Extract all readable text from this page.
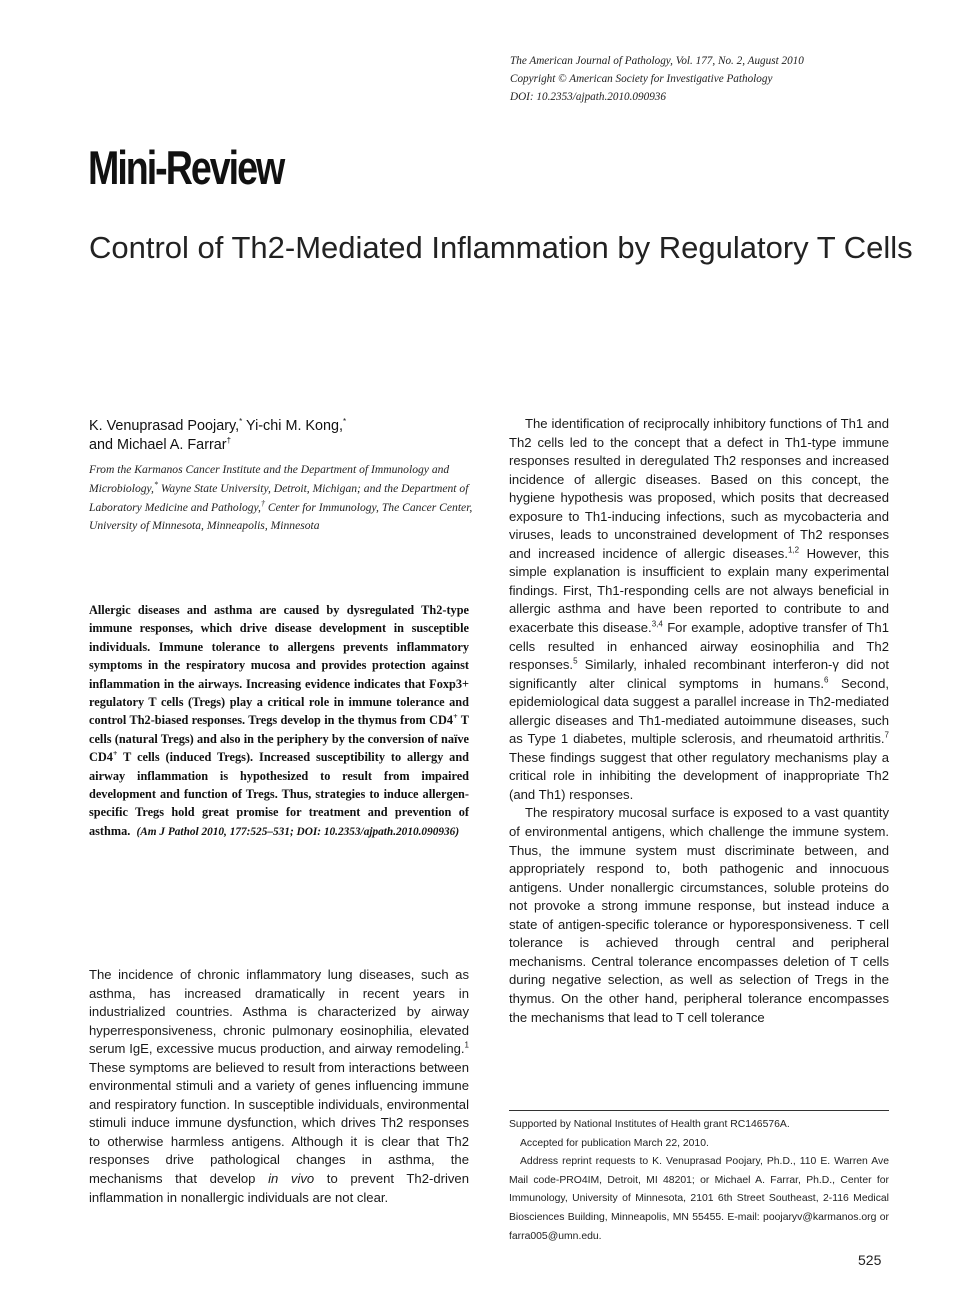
The American Journal of Pathology, Vol. 177, No. 2, August 2010
Copyright © American Society for Investigative Pathology
DOI: 10.2353/ajpath.2010.090936
Mini-Review
Control of Th2-Mediated Inflammation by Regulatory T Cells
K. Venuprasad Poojary,* Yi-chi M. Kong,*
and Michael A. Farrar†
From the Karmanos Cancer Institute and the Department of Immunology and Microbiology,* Wayne State University, Detroit, Michigan; and the Department of Laboratory Medicine and Pathology,† Center for Immunology, The Cancer Center, University of Minnesota, Minneapolis, Minnesota
Allergic diseases and asthma are caused by dysregulated Th2-type immune responses, which drive disease development in susceptible individuals. Immune tolerance to allergens prevents inflammatory symptoms in the respiratory mucosa and provides protection against inflammation in the airways. Increasing evidence indicates that Foxp3+ regulatory T cells (Tregs) play a critical role in immune tolerance and control Th2-biased responses. Tregs develop in the thymus from CD4+ T cells (natural Tregs) and also in the periphery by the conversion of naïve CD4+ T cells (induced Tregs). Increased susceptibility to allergy and airway inflammation is hypothesized to result from impaired development and function of Tregs. Thus, strategies to induce allergen-specific Tregs hold great promise for treatment and prevention of asthma. (Am J Pathol 2010, 177:525–531; DOI: 10.2353/ajpath.2010.090936)

The incidence of chronic inflammatory lung diseases, such as asthma, has increased dramatically in recent years in industrialized countries. Asthma is characterized by airway hyperresponsiveness, chronic pulmonary eosinophilia, elevated serum IgE, excessive mucus production, and airway remodeling.$^1$ These symptoms are believed to result from interactions between environmental stimuli and a variety of genes influencing immune and respiratory function. In susceptible individuals, environmental stimuli induce immune dysfunction, which drives Th2 responses to otherwise harmless antigens. Although it is clear that Th2 responses drive pathological changes in asthma, the mechanisms that develop in vivo to prevent Th2-driven inflammation in nonallergic individuals are not clear.

The identification of reciprocally inhibitory functions of Th1 and Th2 cells led to the concept that a defect in Th1-type immune responses resulted in deregulated Th2 responses and increased incidence of allergic diseases. Based on this concept, the hygiene hypothesis was proposed, which posits that decreased exposure to Th1-inducing infections, such as mycobacteria and viruses, leads to unconstrained development of Th2 responses and increased incidence of allergic diseases.$^{1,2}$ However, this simple explanation is insufficient to explain many experimental findings. First, Th1-responding cells are not always beneficial in allergic asthma and have been reported to contribute to and exacerbate this disease.$^{3,4}$ For example, adoptive transfer of Th1 cells resulted in enhanced airway eosinophilia and Th2 responses.$^5$ Similarly, inhaled recombinant interferon-γ did not significantly alter clinical symptoms in humans.$^6$ Second, epidemiological data suggest a parallel increase in Th2-mediated allergic diseases and Th1-mediated autoimmune diseases, such as Type 1 diabetes, multiple sclerosis, and rheumatoid arthritis.$^7$ These findings suggest that other regulatory mechanisms play a critical role in inhibiting the development of inappropriate Th2 (and Th1) responses.

The respiratory mucosal surface is exposed to a vast quantity of environmental antigens, which challenge the immune system. Thus, the immune system must discriminate between, and appropriately respond to, both pathogenic and innocuous antigens. Under nonallergic circumstances, soluble proteins do not provoke a strong immune response, but instead induce a state of antigen-specific tolerance or hyporesponsiveness. T cell tolerance is achieved through central and peripheral mechanisms. Central tolerance encompasses deletion of T cells during negative selection, as well as selection of Tregs in the thymus. On the other hand, peripheral tolerance encompasses the mechanisms that lead to T cell tolerance

Supported by National Institutes of Health grant RC146576A.

Accepted for publication March 22, 2010.

Address reprint requests to K. Venuprasad Poojary, Ph.D., 110 E. Warren Ave Mail code-PRO4IM, Detroit, MI 48201; or Michael A. Farrar, Ph.D., Center for Immunology, University of Minnesota, 2101 6th Street Southeast, 2-116 Medical Biosciences Building, Minneapolis, MN 55455. E-mail: poojaryv@karmanos.org or farra005@umn.edu.

525
